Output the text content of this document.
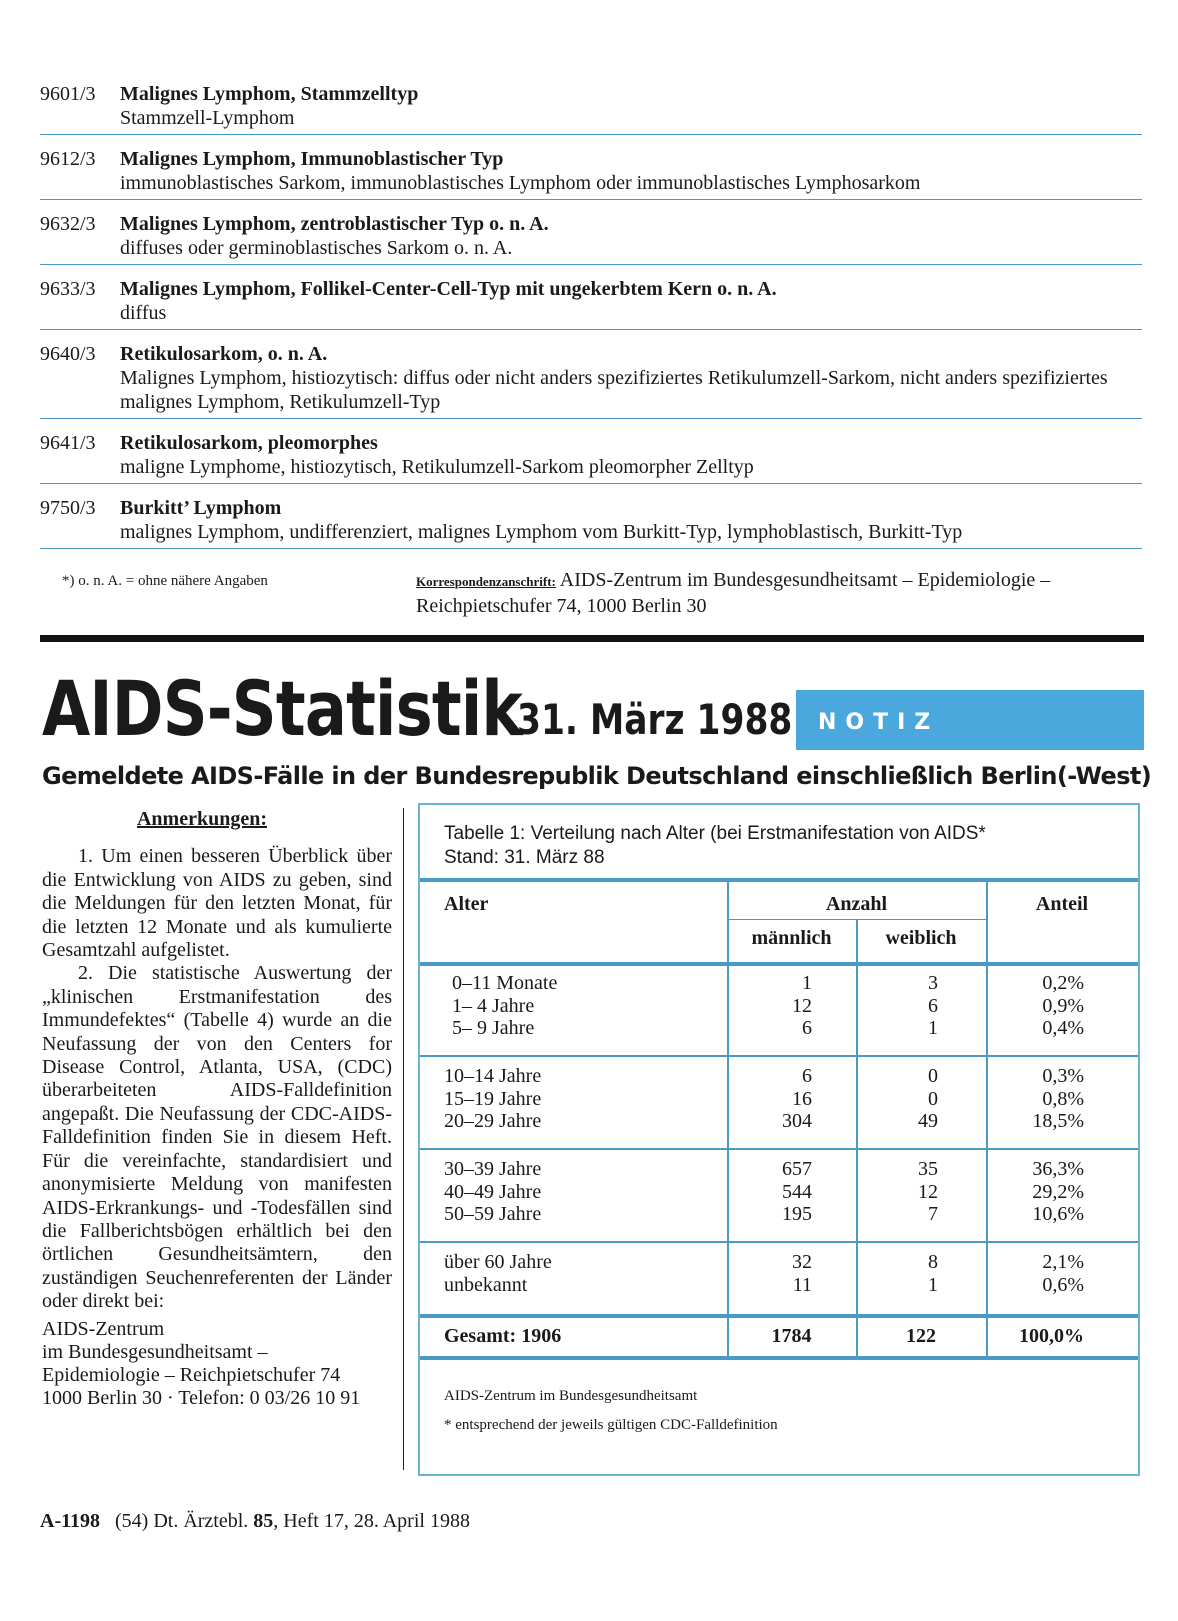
9601/3	Malignes Lymphom, Stammzelltyp
Stammzell-Lymphom
9612/3	Malignes Lymphom, Immunoblastischer Typ
immunoblastisches Sarkom, immunoblastisches Lymphom oder immunoblastisches Lymphosarkom
9632/3	Malignes Lymphom, zentroblastischer Typ o. n. A.
diffuses oder germinoblastisches Sarkom o. n. A.
9633/3	Malignes Lymphom, Follikel-Center-Cell-Typ mit ungekerbtem Kern o. n. A.
diffus
9640/3	Retikulosarkom, o. n. A.
Malignes Lymphom, histiozytisch: diffus oder nicht anders spezifiziertes Retikulumzell-Sarkom, nicht anders spezifiziertes malignes Lymphom, Retikulumzell-Typ
9641/3	Retikulosarkom, pleomorphes
maligne Lymphome, histiozytisch, Retikulumzell-Sarkom pleomorpher Zelltyp
9750/3	Burkitt’ Lymphom
malignes Lymphom, undifferenziert, malignes Lymphom vom Burkitt-Typ, lymphoblastisch, Burkitt-Typ
*) o. n. A. = ohne nähere Angaben	Korrespondenzanschrift: AIDS-Zentrum im Bundesgesundheitsamt – Epidemiologie – Reichpietschufer 74, 1000 Berlin 30
AIDS-Statistik
31. März 1988	NOTIZ
Gemeldete AIDS-Fälle in der Bundesrepublik Deutschland einschließlich Berlin(-West)
Anmerkungen:

1. Um einen besseren Überblick über die Entwicklung von AIDS zu geben, sind die Meldungen für den letzten Monat, für die letzten 12 Monate und als kumulierte Gesamtzahl aufgelistet.

2. Die statistische Auswertung der „klinischen Erstmanifestation des Immundefektes“ (Tabelle 4) wurde an die Neufassung der von den Centers for Disease Control, Atlanta, USA, (CDC) überarbeiteten AIDS-Falldefinition angepaßt. Die Neufassung der CDC-AIDS-Falldefinition finden Sie in diesem Heft. Für die vereinfachte, standardisiert und anonymisierte Meldung von manifesten AIDS-Erkrankungs- und -Todesfällen sind die Fallberichtsbögen erhältlich bei den örtlichen Gesundheitsämtern, den zuständigen Seuchenreferenten der Länder oder direkt bei:

AIDS-Zentrum
im Bundesgesundheitsamt –
Epidemiologie – Reichpietschufer 74
1000 Berlin 30 · Telefon: 0 03/26 10 91
Tabelle 1: Verteilung nach Alter (bei Erstmanifestation von AIDS*
Stand: 31. März 88
Alter	Anzahl
männlich	weiblich
Anteil
0–11 Monate	1	3	0,2%
1– 4 Jahre	12	6	0,9%
5– 9 Jahre	6	1	0,4%
10–14 Jahre	6	0	0,3%
15–19 Jahre	16	0	0,8%
20–29 Jahre	304	49	18,5%
30–39 Jahre	657	35	36,3%
40–49 Jahre	544	12	29,2%
50–59 Jahre	195	7	10,6%
über 60 Jahre	32	8	2,1%
unbekannt	11	1	0,6%
Gesamt: 1906	1784	122	100,0%
AIDS-Zentrum im Bundesgesundheitsamt
* entsprechend der jeweils gültigen CDC-Falldefinition
A-1198 (54) Dt. Ärztebl. 85, Heft 17, 28. April 1988
